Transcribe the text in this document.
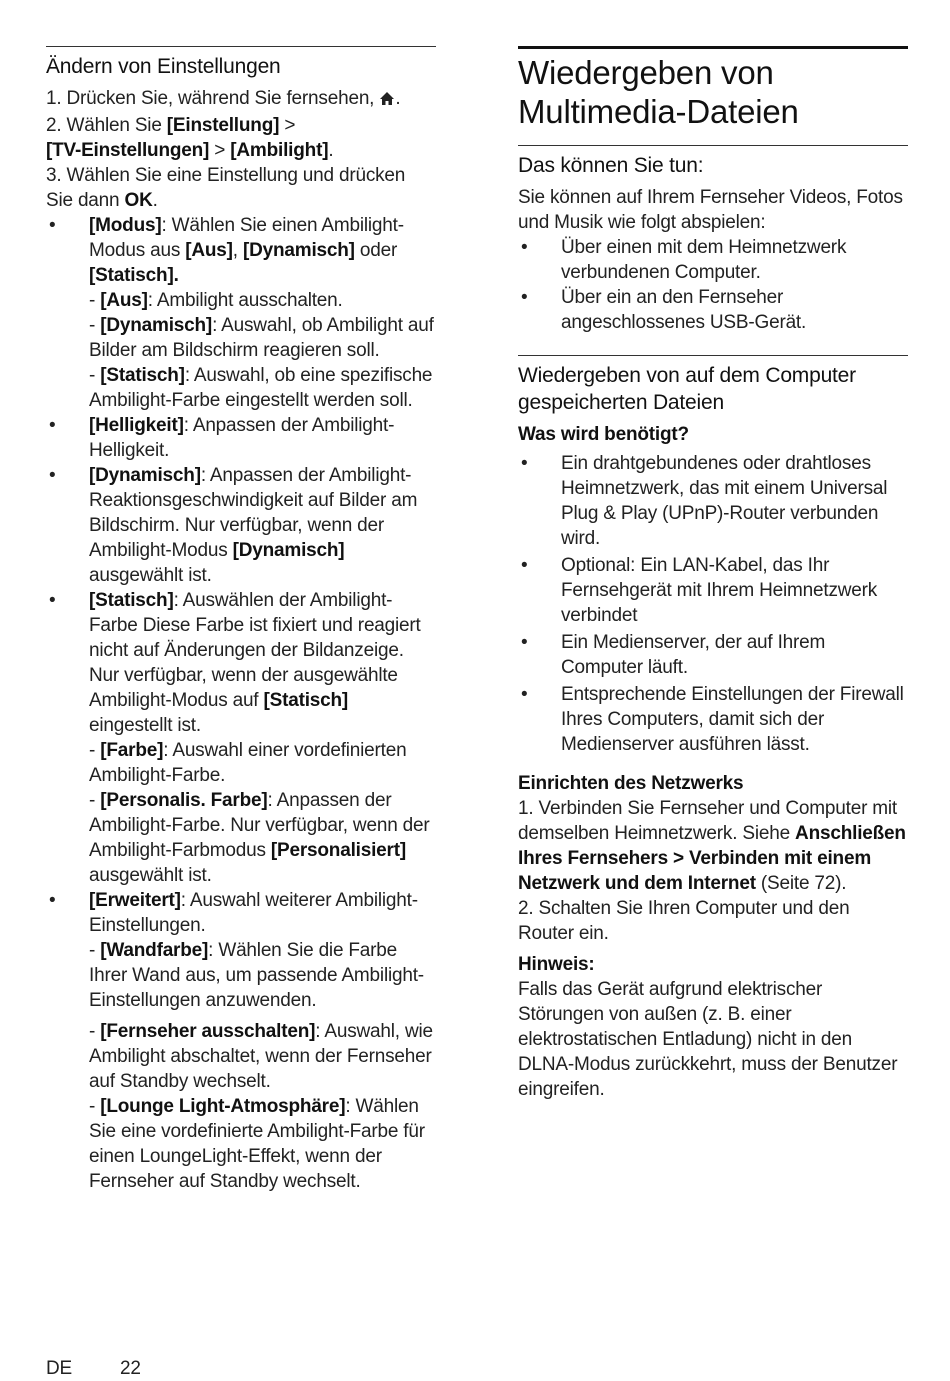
Ändern von Einstellungen

1. Drücken Sie, während Sie fernsehen, .

2. Wählen Sie [Einstellung] >
[TV-Einstellungen] > [Ambilight].

3. Wählen Sie eine Einstellung und drücken Sie dann OK.

• [Modus]: Wählen Sie einen Ambilight-Modus aus [Aus], [Dynamisch] oder [Statisch].
- [Aus]: Ambilight ausschalten.
- [Dynamisch]: Auswahl, ob Ambilight auf Bilder am Bildschirm reagieren soll.
- [Statisch]: Auswahl, ob eine spezifische Ambilight-Farbe eingestellt werden soll.
• [Helligkeit]: Anpassen der Ambilight-Helligkeit.
• [Dynamisch]: Anpassen der Ambilight-Reaktionsgeschwindigkeit auf Bilder am Bildschirm. Nur verfügbar, wenn der Ambilight-Modus [Dynamisch] ausgewählt ist.
• [Statisch]: Auswählen der Ambilight-Farbe Diese Farbe ist fixiert und reagiert nicht auf Änderungen der Bildanzeige. Nur verfügbar, wenn der ausgewählte Ambilight-Modus auf [Statisch] eingestellt ist.
- [Farbe]: Auswahl einer vordefinierten Ambilight-Farbe.
- [Personalis. Farbe]: Anpassen der Ambilight-Farbe. Nur verfügbar, wenn der Ambilight-Farbmodus [Personalisiert] ausgewählt ist.
• [Erweitert]: Auswahl weiterer Ambilight-Einstellungen.
- [Wandfarbe]: Wählen Sie die Farbe Ihrer Wand aus, um passende Ambilight-Einstellungen anzuwenden.
- [Fernseher ausschalten]: Auswahl, wie Ambilight abschaltet, wenn der Fernseher auf Standby wechselt.
- [Lounge Light-Atmosphäre]: Wählen Sie eine vordefinierte Ambilight-Farbe für einen LoungeLight-Effekt, wenn der Fernseher auf Standby wechselt.
Wiedergeben von
Multimedia-Dateien
Das können Sie tun:

Sie können auf Ihrem Fernseher Videos, Fotos und Musik wie folgt abspielen:

• Über einen mit dem Heimnetzwerk verbundenen Computer.
• Über ein an den Fernseher angeschlossenes USB-Gerät.
Wiedergeben von auf dem Computer gespeicherten Dateien

Was wird benötigt?

• Ein drahtgebundenes oder drahtloses Heimnetzwerk, das mit einem Universal Plug & Play (UPnP)-Router verbunden wird.
• Optional: Ein LAN-Kabel, das Ihr Fernsehgerät mit Ihrem Heimnetzwerk verbindet
• Ein Medienserver, der auf Ihrem Computer läuft.
• Entsprechende Einstellungen der Firewall Ihres Computers, damit sich der Medienserver ausführen lässt.

Einrichten des Netzwerks

1. Verbinden Sie Fernseher und Computer mit demselben Heimnetzwerk. Siehe Anschließen Ihres Fernsehers > Verbinden mit einem Netzwerk und dem Internet (Seite 72).

2. Schalten Sie Ihren Computer und den Router ein.

Hinweis:

Falls das Gerät aufgrund elektrischer Störungen von außen (z. B. einer elektrostatischen Entladung) nicht in den DLNA-Modus zurückkehrt, muss der Benutzer eingreifen.

DE	22
